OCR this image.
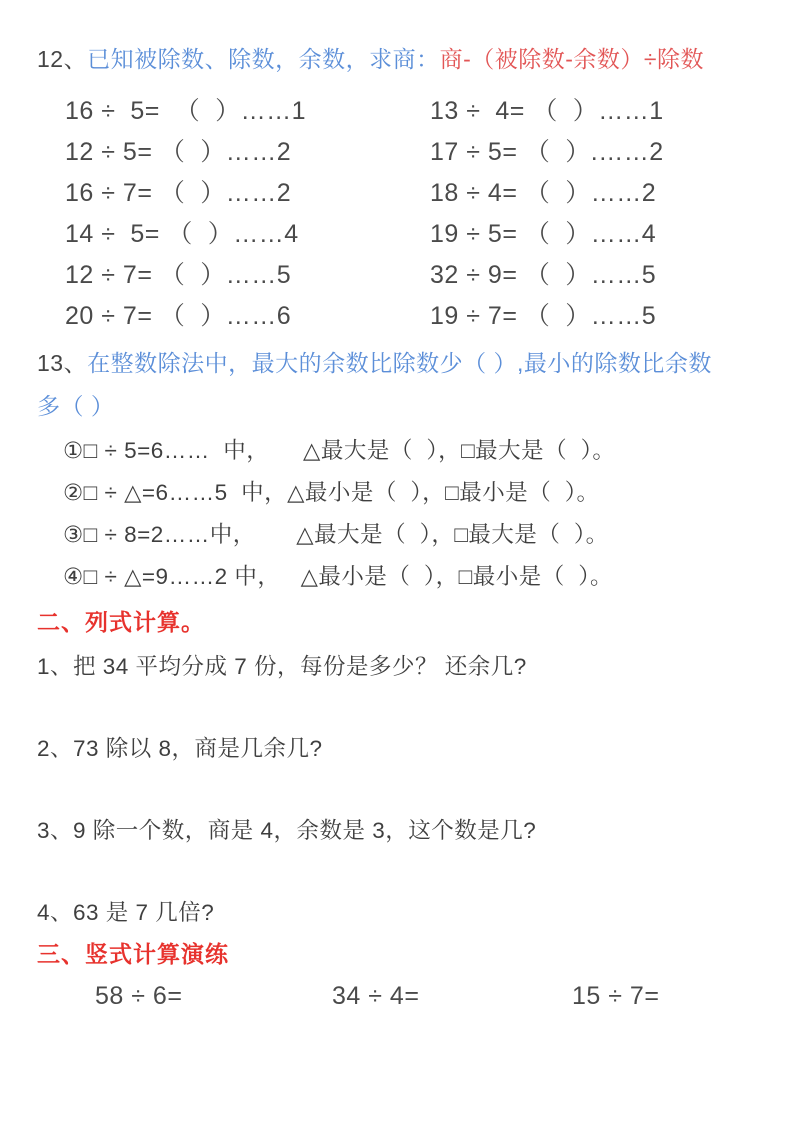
12、已知被除数、除数，余数，求商：商-（被除数-余数）÷除数
16 ÷  5=  （  ）……1	13 ÷  4= （  ）……1
12 ÷ 5= （  ）……2	17 ÷ 5= （  ）.……2
16 ÷ 7= （  ）……2	18 ÷ 4= （  ）……2
14 ÷  5= （  ）……4	19 ÷ 5= （  ）……4
12 ÷ 7= （  ）……5	32 ÷ 9= （  ）……5
20 ÷ 7= （  ）……6	19 ÷ 7= （  ）……5
13、在整数除法中，最大的余数比除数少（ ）,最小的除数比余数
多（ ）
①□ ÷ 5=6……  中，     △最大是（  ），□最大是（  ）。
②□ ÷ △=6……5  中，△最小是（  ），□最小是（  ）。
③□ ÷ 8=2……中，      △最大是（  ），□最大是（  ）。
④□ ÷ △=9……2 中，   △最小是（  ），□最小是（  ）。
二、列式计算。
1、把 34 平均分成 7 份，每份是多少？ 还余几?
2、73 除以 8，商是几余几?
3、9 除一个数，商是 4，余数是 3，这个数是几?
4、63 是 7 几倍?
三、竖式计算演练
58 ÷ 6=	34 ÷ 4=	15 ÷ 7=
